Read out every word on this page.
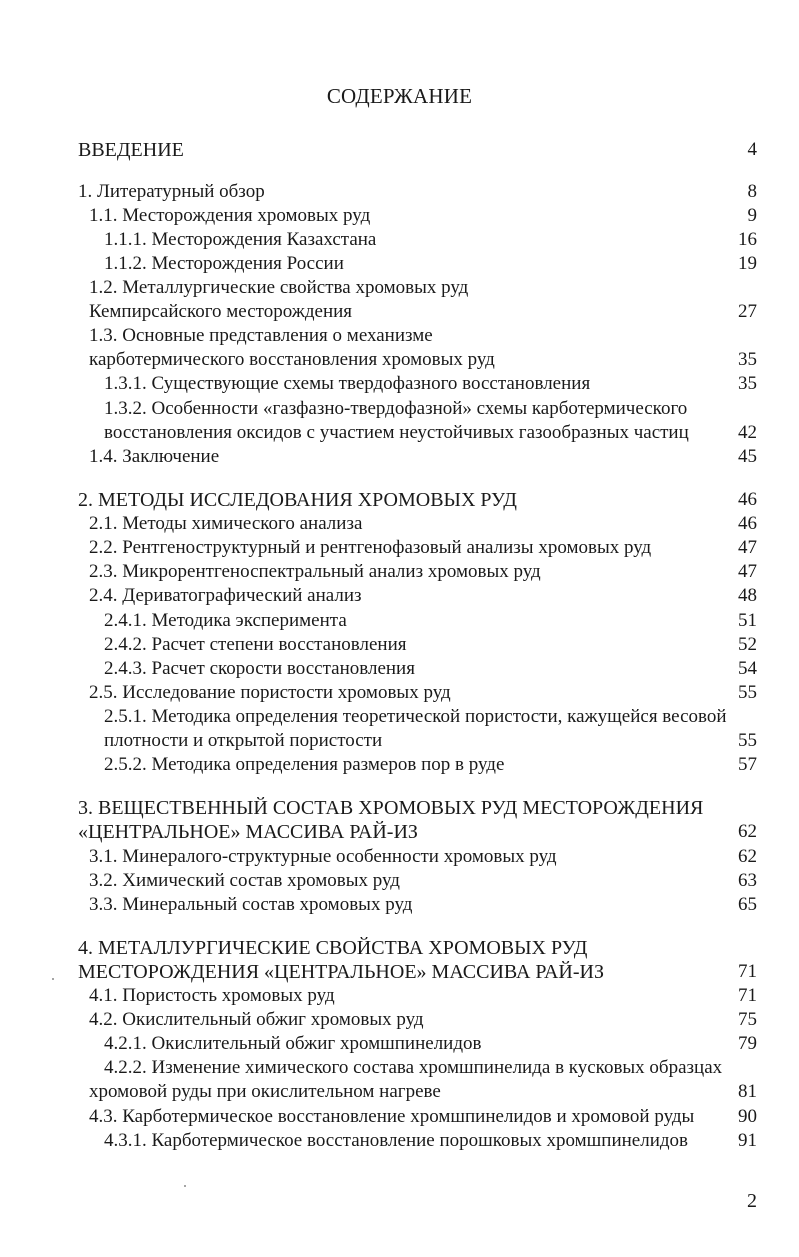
СОДЕРЖАНИЕ
ВВЕДЕНИЕ	4
1. Литературный обзор	8
1.1. Месторождения хромовых руд	9
1.1.1. Месторождения Казахстана	16
1.1.2. Месторождения России	19
1.2. Металлургические свойства хромовых руд
Кемпирсайского месторождения	27
1.3. Основные представления о механизме
карботермического восстановления хромовых руд	35
1.3.1. Существующие схемы твердофазного восстановления	35
1.3.2. Особенности «газфазно-твердофазной» схемы карботермического
восстановления оксидов с участием неустойчивых газообразных частиц	42
1.4. Заключение	45
2. МЕТОДЫ ИССЛЕДОВАНИЯ ХРОМОВЫХ РУД	46
2.1. Методы химического анализа	46
2.2. Рентгеноструктурный и рентгенофазовый анализы хромовых руд	47
2.3. Микрорентгеноспектральный анализ хромовых руд	47
2.4. Дериватографический анализ	48
2.4.1. Методика эксперимента	51
2.4.2. Расчет степени восстановления	52
2.4.3. Расчет скорости восстановления	54
2.5. Исследование пористости хромовых руд	55
2.5.1. Методика определения теоретической пористости, кажущейся весовой
плотности и открытой пористости	55
2.5.2. Методика определения размеров пор в руде	57
3. ВЕЩЕСТВЕННЫЙ СОСТАВ ХРОМОВЫХ РУД МЕСТОРОЖДЕНИЯ
«ЦЕНТРАЛЬНОЕ» МАССИВА РАЙ-ИЗ	62
3.1. Минералого-структурные особенности хромовых руд	62
3.2. Химический состав хромовых руд	63
3.3. Минеральный состав хромовых руд	65
4. МЕТАЛЛУРГИЧЕСКИЕ СВОЙСТВА ХРОМОВЫХ РУД
МЕСТОРОЖДЕНИЯ «ЦЕНТРАЛЬНОЕ» МАССИВА РАЙ-ИЗ	71
4.1. Пористость хромовых руд	71
4.2. Окислительный обжиг хромовых руд	75
4.2.1. Окислительный обжиг хромшпинелидов	79
4.2.2. Изменение химического состава хромшпинелида в кусковых образцах
хромовой руды при окислительном нагреве	81
4.3. Карботермическое восстановление хромшпинелидов и хромовой руды 90
4.3.1. Карботермическое восстановление порошковых хромшпинелидов	91
2
